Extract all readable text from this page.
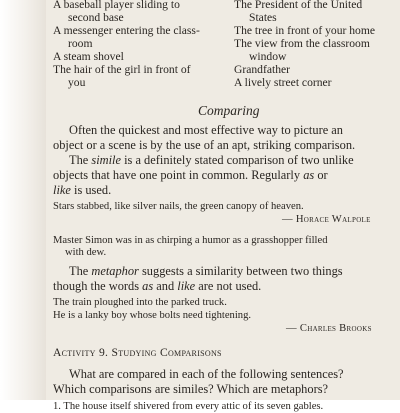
A baseball player sliding to
second base
A messenger entering the class-
room
A steam shovel
The hair of the girl in front of
you
The President of the United
States
The tree in front of your home
The view from the classroom
window
Grandfather
A lively street corner
Comparing
Often the quickest and most effective way to picture an
object or a scene is by the use of an apt, striking comparison.
The simile is a definitely stated comparison of two unlike
objects that have one point in common. Regularly as or
like is used.
Stars stabbed, like silver nails, the green canopy of heaven.
— Horace Walpole
Master Simon was in as chirping a humor as a grasshopper filled
with dew.
The metaphor suggests a similarity between two things
though the words as and like are not used.
The train ploughed into the parked truck.
He is a lanky boy whose bolts need tightening.
— Charles Brooks
Activity 9. Studying Comparisons
What are compared in each of the following sentences?
Which comparisons are similes? Which are metaphors?
1. The house itself shivered from every attic of its seven gables.
